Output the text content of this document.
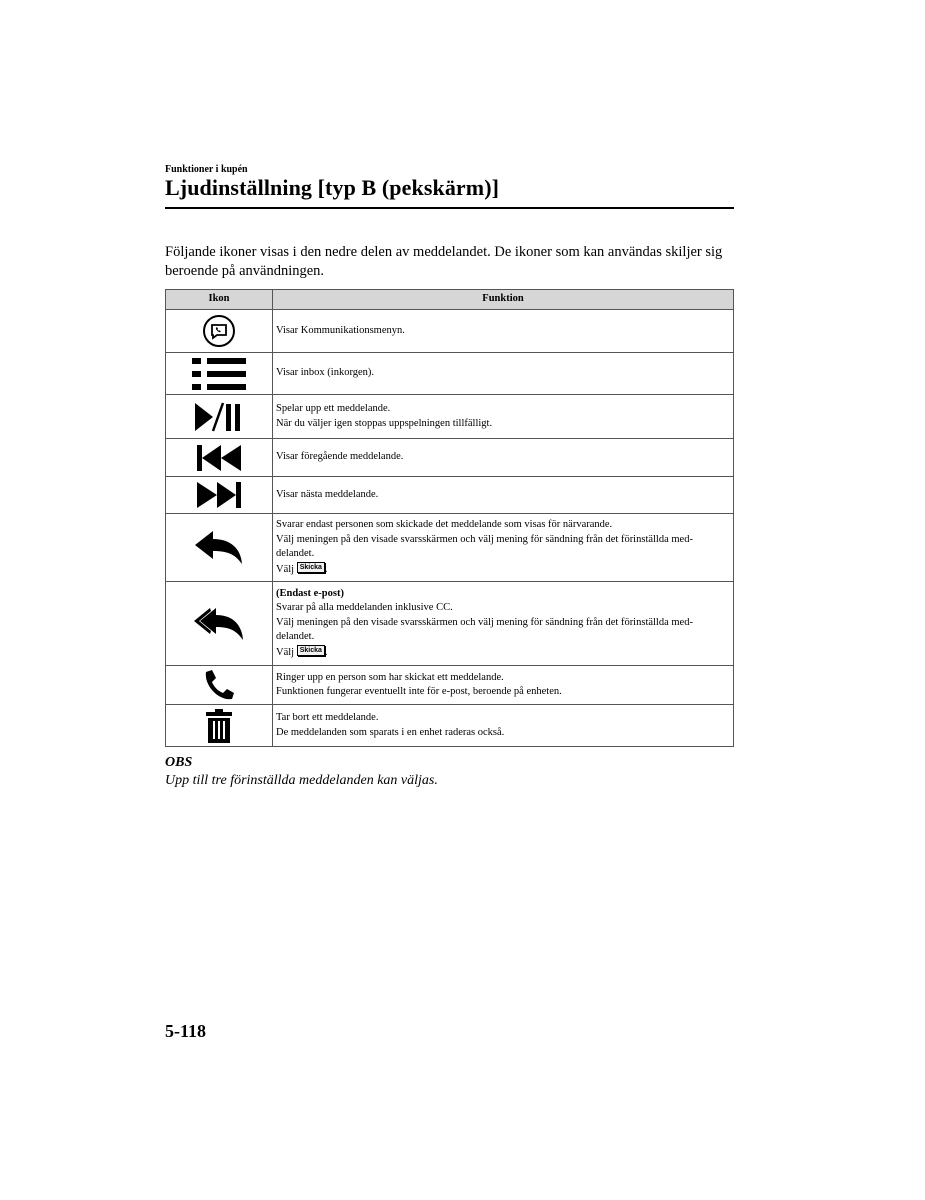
Funktioner i kupén
Ljudinställning [typ B (pekskärm)]

Följande ikoner visas i den nedre delen av meddelandet. De ikoner som kan användas skiljer sig beroende på användningen.

Ikon	Funktion

Visar Kommunikationsmenyn.

Visar inbox (inkorgen).

Spelar upp ett meddelande.
När du väljer igen stoppas uppspelningen tillfälligt.

Visar föregående meddelande.

Visar nästa meddelande.

Svarar endast personen som skickade det meddelande som visas för närvarande.
Välj meningen på den visade svarsskärmen och välj mening för sändning från det förinställda med-
delandet.
Välj Skicka .

(Endast e-post)
Svarar på alla meddelanden inklusive CC.
Välj meningen på den visade svarsskärmen och välj mening för sändning från det förinställda med-
delandet.
Välj Skicka .

Ringer upp en person som har skickat ett meddelande.
Funktionen fungerar eventuellt inte för e-post, beroende på enheten.

Tar bort ett meddelande.
De meddelanden som sparats i en enhet raderas också.
OBS
Upp till tre förinställda meddelanden kan väljas.
5-118
